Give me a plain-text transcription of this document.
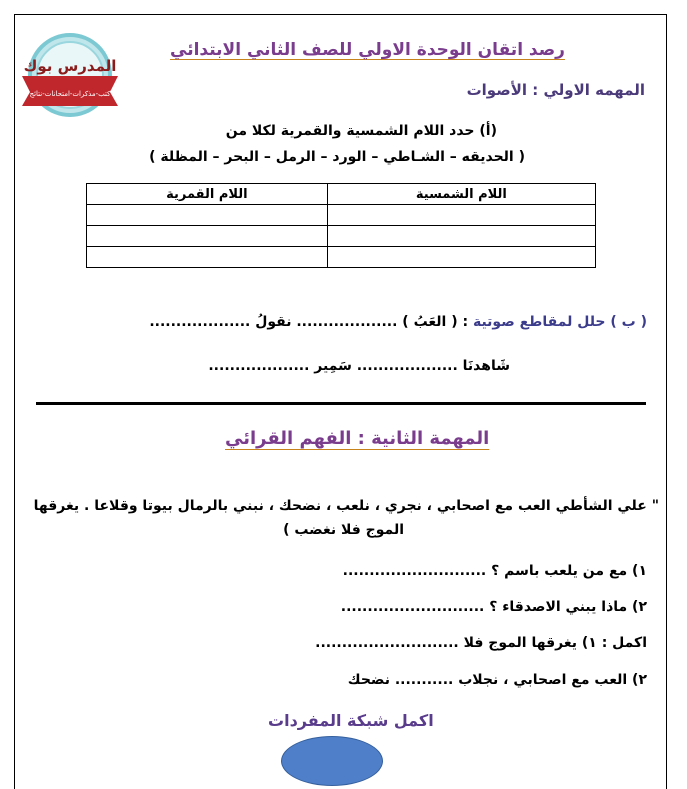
المدرس بوك
كتب-مذكرات-امتحانات-نتائج
رصد اتقان الوحدة الاولي للصف الثاني الابتدائي
المهمه الاولي : الأصوات
(أ) حدد اللام الشمسية والقمرية لكلا من
( الحديقه – الشـاطي – الورد – الرمل – البحر – المظلة )
اللام الشمسية	اللام القمرية

( ب ) حلل لمقاطع صوتية : ( العَبُ ) ................... نقولُ ...................
شَاهدنَا ................... سَمِير ...................
المهمة الثانية : الفهم القرائي
" علي الشأطي العب مع اصحابي ، نجري ، نلعب ، نضحك ، نبني بالرمال بيوتا وقلاعا . يغرقها
الموج فلا نغضب )
١) مع من يلعب باسم ؟ ...........................
٢) ماذا يبني الاصدقاء ؟ ...........................
اكمل : ١) يغرقها الموج فلا ...........................
٢) العب مع اصحابي ، نجلاب ........... نضحك
اكمل شبكة المفردات
